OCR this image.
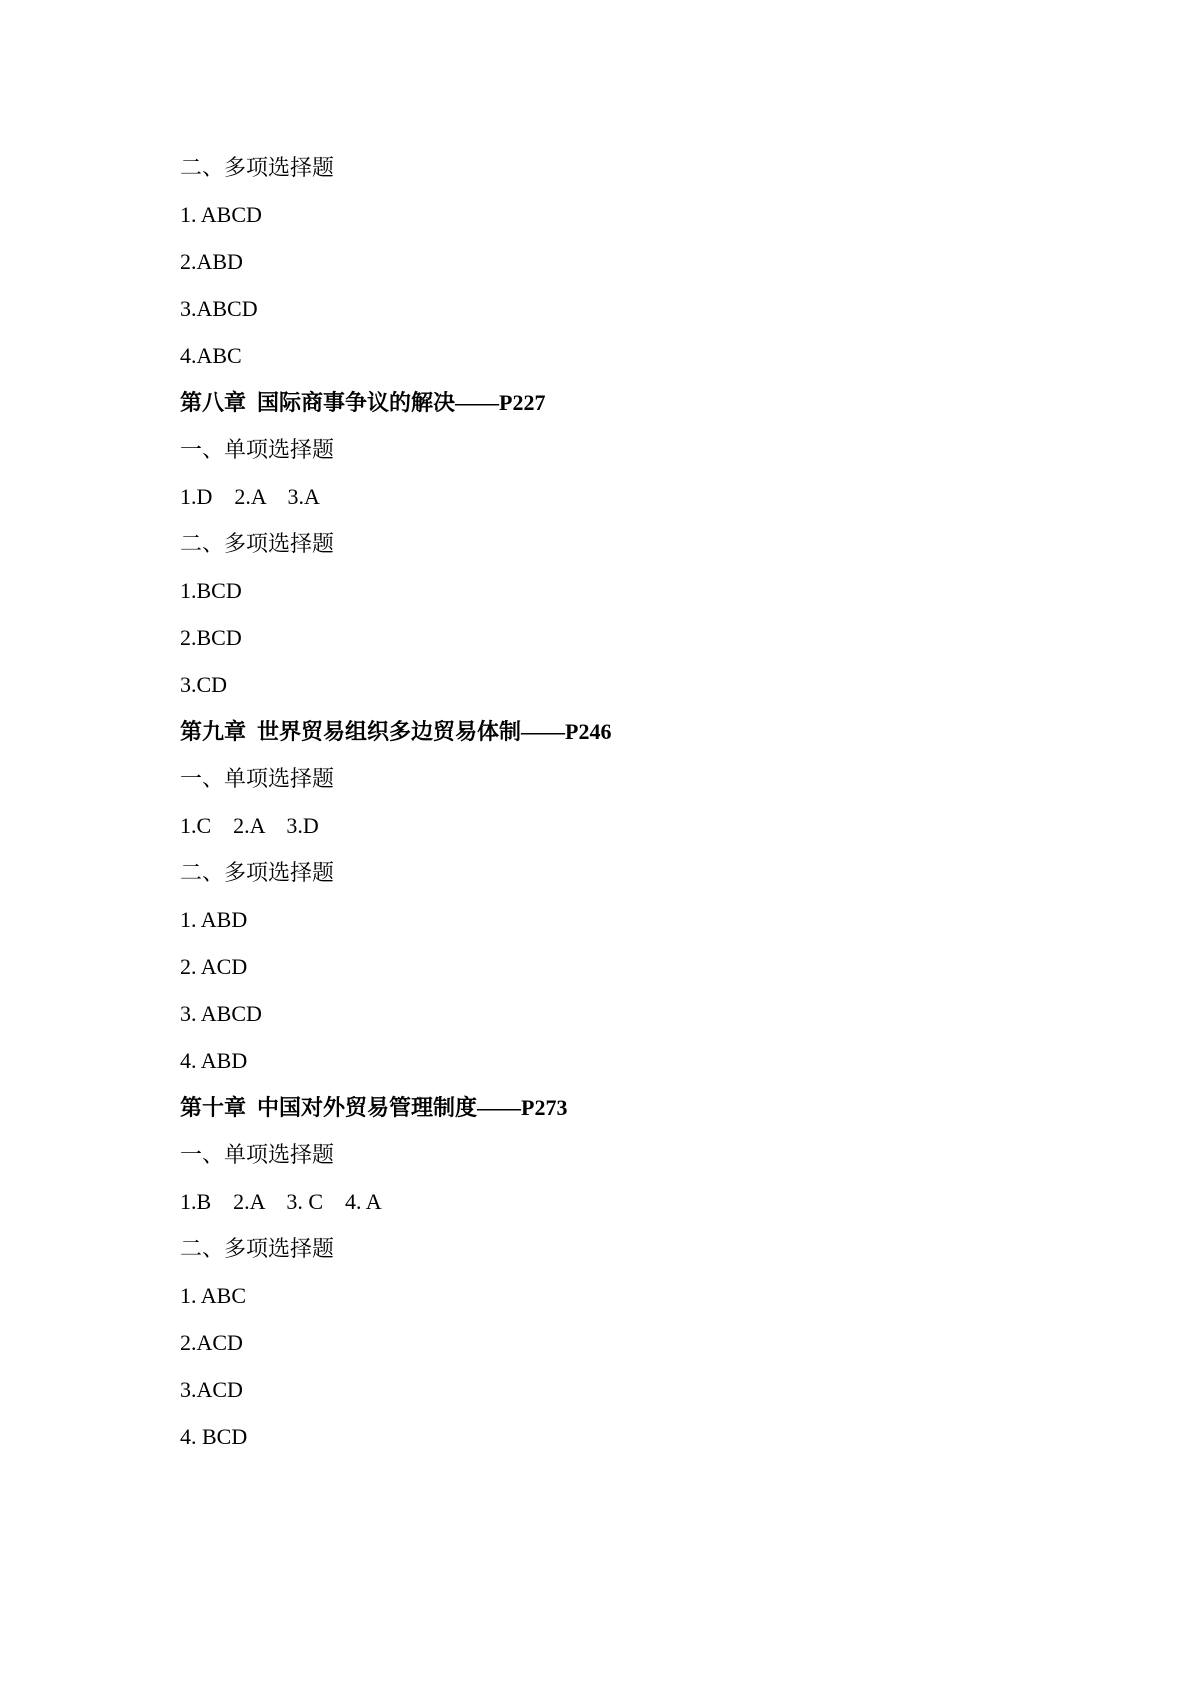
二、多项选择题
1. ABCD
2.ABD
3.ABCD
4.ABC
第八章  国际商事争议的解决——P227
一、单项选择题
1.D    2.A    3.A
二、多项选择题
1.BCD
2.BCD
3.CD
第九章  世界贸易组织多边贸易体制——P246
一、单项选择题
1.C    2.A    3.D
二、多项选择题
1. ABD
2. ACD
3. ABCD
4. ABD
第十章  中国对外贸易管理制度——P273
一、单项选择题
1.B    2.A    3. C    4. A
二、多项选择题
1. ABC
2.ACD
3.ACD
4. BCD
